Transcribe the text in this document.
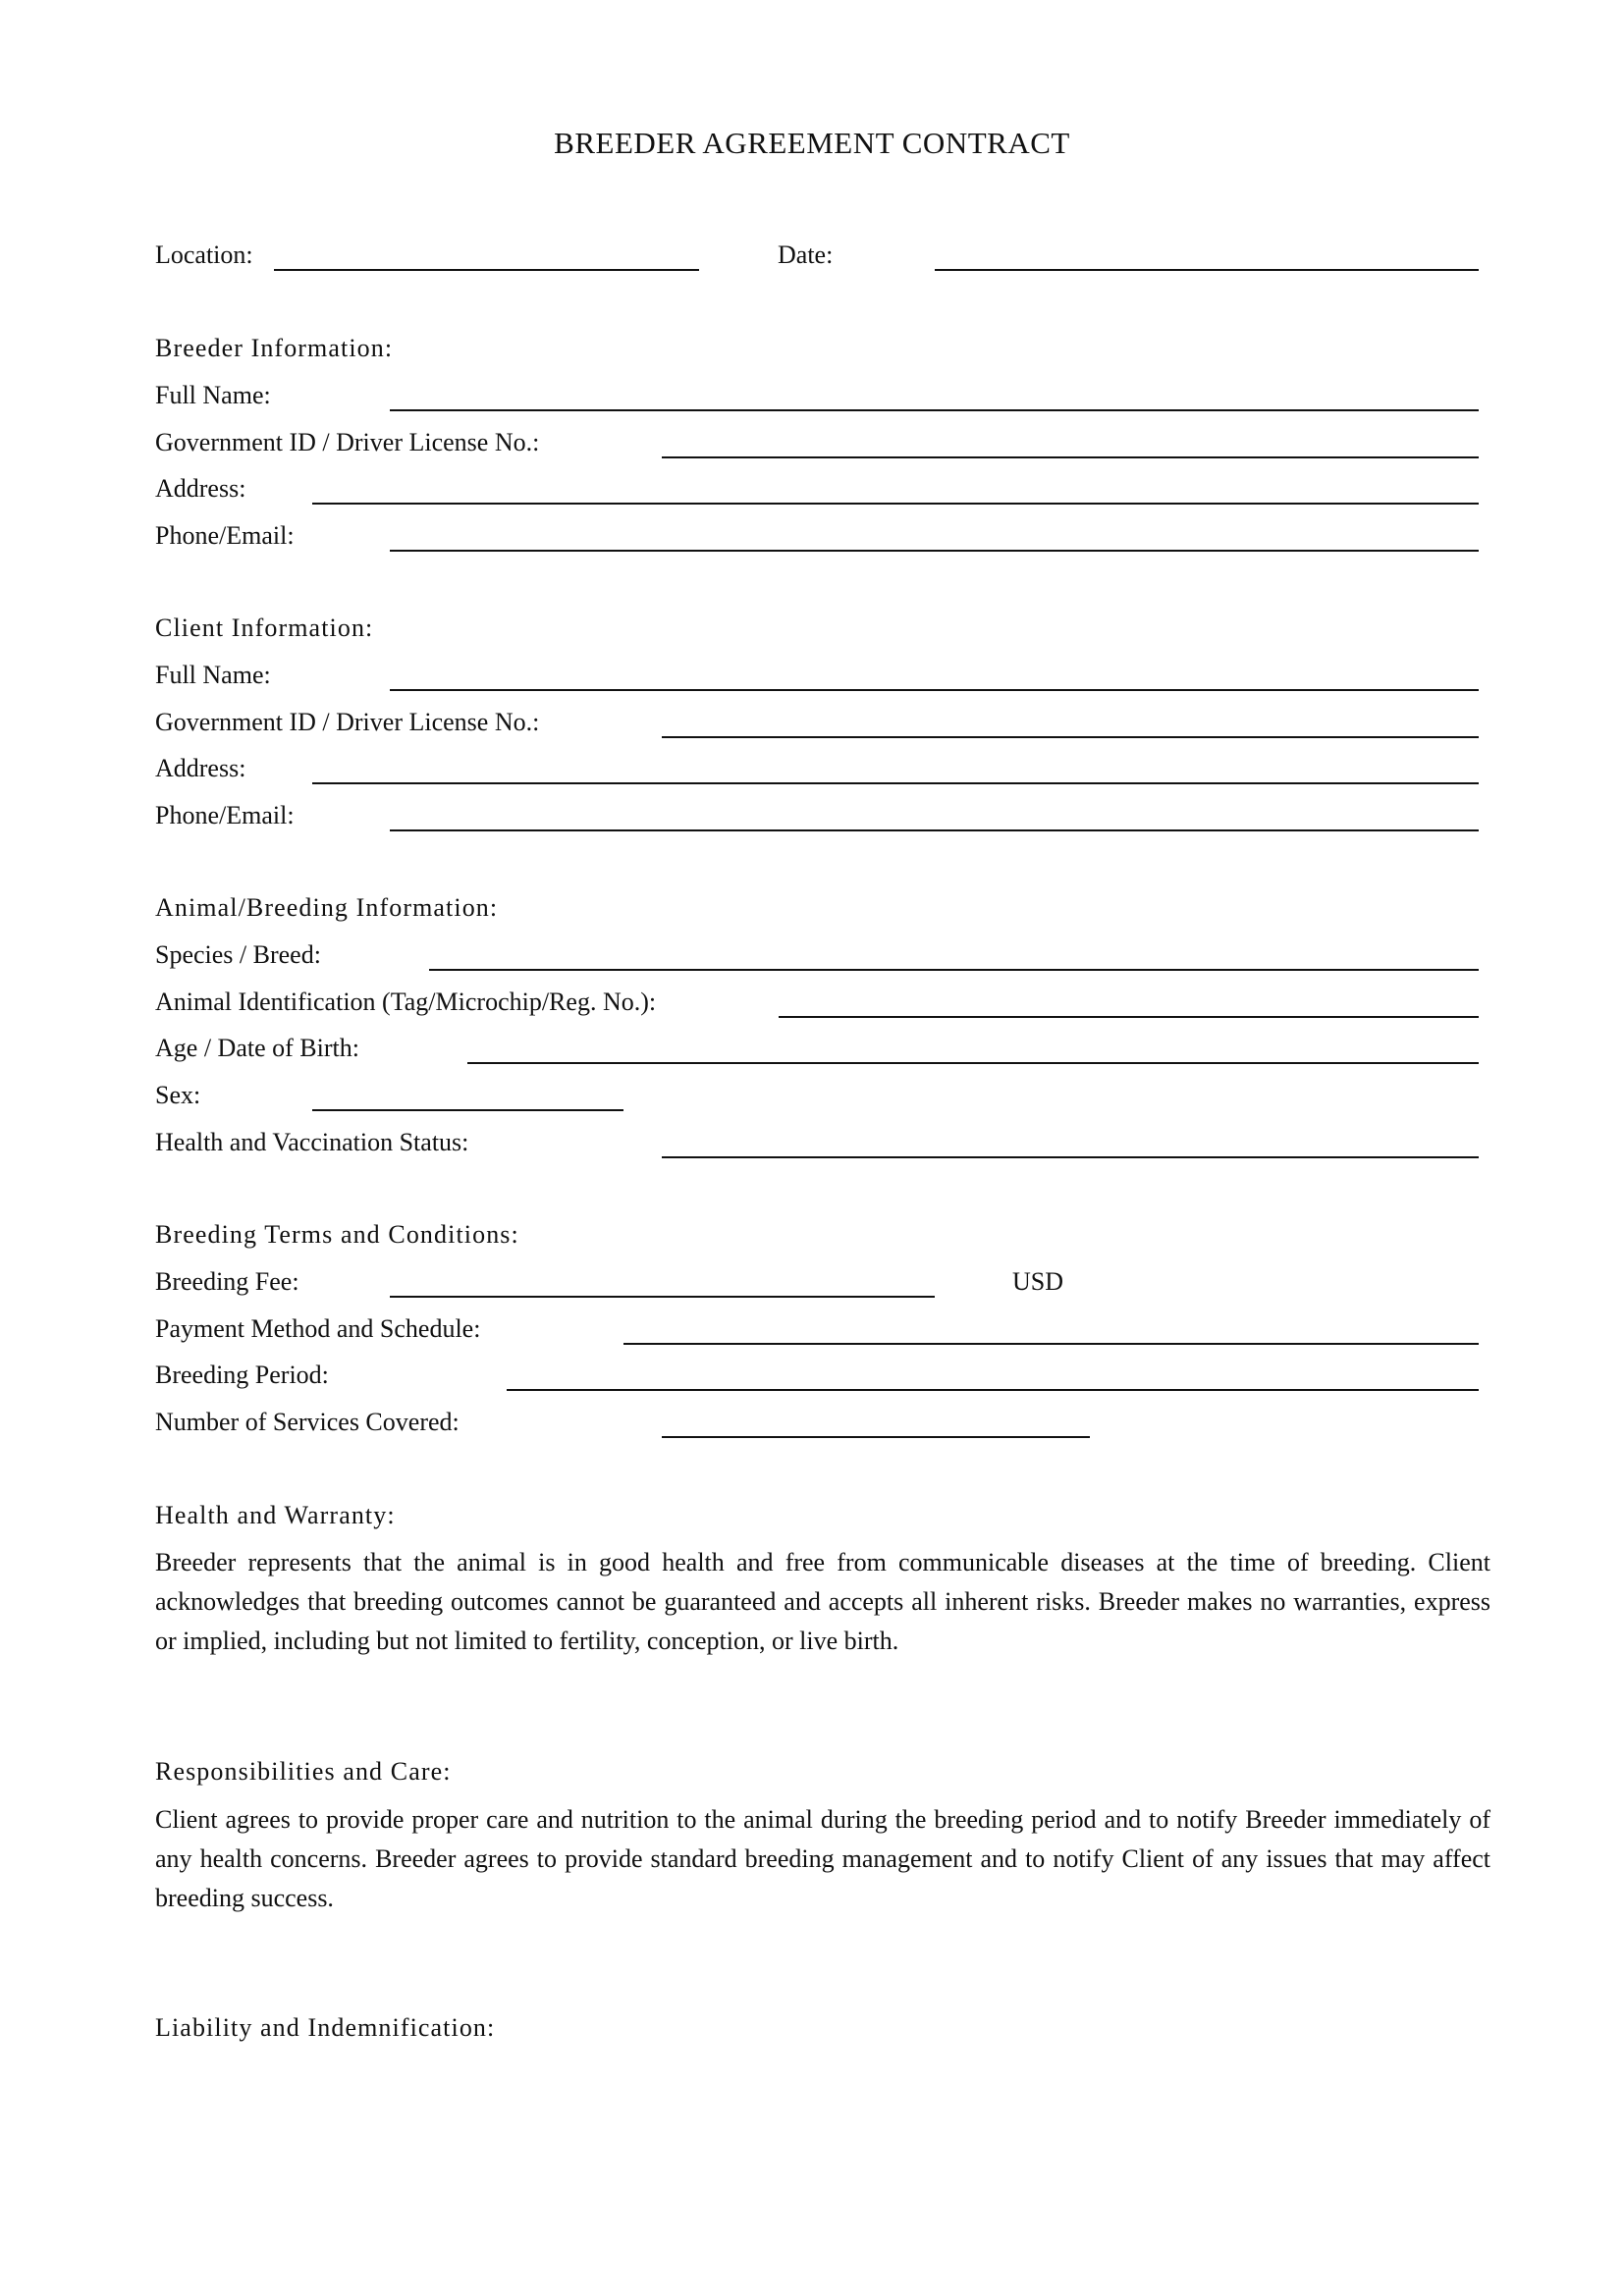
BREEDER AGREEMENT CONTRACT
Location:	Date:
Breeder Information:
Full Name:
Government ID / Driver License No.:
Address:
Phone/Email:
Client Information:
Full Name:
Government ID / Driver License No.:
Address:
Phone/Email:
Animal/Breeding Information:
Species / Breed:
Animal Identification (Tag/Microchip/Reg. No.):
Age / Date of Birth:
Sex:
Health and Vaccination Status:
Breeding Terms and Conditions:
Breeding Fee:	USD
Payment Method and Schedule:
Breeding Period:
Number of Services Covered:
Health and Warranty:
Breeder represents that the animal is in good health and free from communicable diseases at the time of breeding. Client acknowledges that breeding outcomes cannot be guaranteed and accepts all inherent risks. Breeder makes no warranties, express or implied, including but not limited to fertility, conception, or live birth.
Responsibilities and Care:
Client agrees to provide proper care and nutrition to the animal during the breeding period and to notify Breeder immediately of any health concerns. Breeder agrees to provide standard breeding management and to notify Client of any issues that may affect breeding success.
Liability and Indemnification:
